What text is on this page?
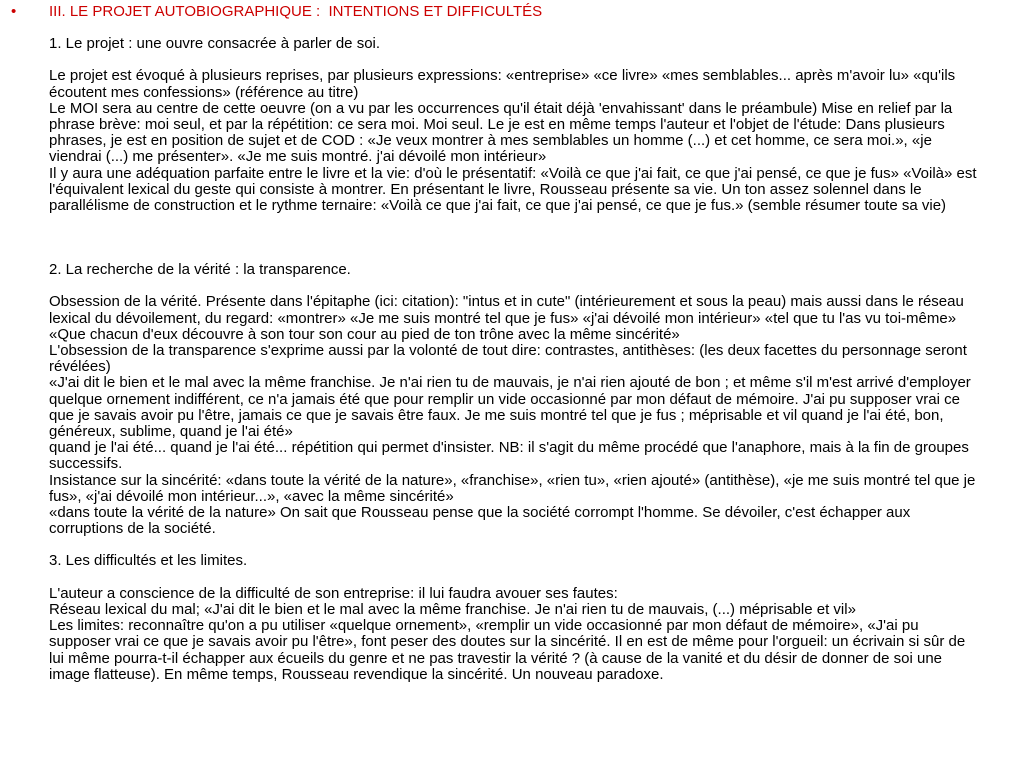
• III. LE PROJET AUTOBIOGRAPHIQUE :  INTENTIONS ET DIFFICULTÉS

1. Le projet : une ouvre consacrée à parler de soi.

Le projet est évoqué à plusieurs reprises, par plusieurs expressions: «entreprise» «ce livre» «mes semblables... après m'avoir lu» «qu'ils écoutent mes confessions» (référence au titre)

Le MOI sera au centre de cette oeuvre (on a vu par les occurrences qu'il était déjà 'envahissant' dans le préambule) Mise en relief par la phrase brève: moi seul, et par la répétition: ce sera moi. Moi seul. Le je est en même temps l'auteur et l'objet de l'étude: Dans plusieurs phrases, je est en position de sujet et de COD : «Je veux montrer à mes semblables un homme (...) et cet homme, ce sera moi.», «je viendrai (...) me présenter». «Je me suis montré. j'ai dévoilé mon intérieur»

Il y aura une adéquation parfaite entre le livre et la vie: d'où le présentatif: «Voilà ce que j'ai fait, ce que j'ai pensé, ce que je fus» «Voilà» est l'équivalent lexical du geste qui consiste à montrer. En présentant le livre, Rousseau présente sa vie. Un ton assez solennel dans le parallélisme de construction et le rythme ternaire: «Voilà ce que j'ai fait, ce que j'ai pensé, ce que je fus.» (semble résumer toute sa vie)

2. La recherche de la vérité : la transparence.

Obsession de la vérité. Présente dans l'épitaphe (ici: citation): "intus et in cute" (intérieurement et sous la peau) mais aussi dans le réseau lexical du dévoilement, du regard: «montrer» «Je me suis montré tel que je fus» «j'ai dévoilé mon intérieur» «tel que tu l'as vu toi-même» «Que chacun d'eux découvre à son tour son cour au pied de ton trône avec la même sincérité»

L'obsession de la transparence s'exprime aussi par la volonté de tout dire: contrastes, antithèses: (les deux facettes du personnage seront révélées)

«J'ai dit le bien et le mal avec la même franchise. Je n'ai rien tu de mauvais, je n'ai rien ajouté de bon ; et même s'il m'est arrivé d'employer quelque ornement indifférent, ce n'a jamais été que pour remplir un vide occasionné par mon défaut de mémoire. J'ai pu supposer vrai ce que je savais avoir pu l'être, jamais ce que je savais être faux. Je me suis montré tel que je fus ; méprisable et vil quand je l'ai été, bon, généreux, sublime, quand je l'ai été»

quand je l'ai été... quand je l'ai été... répétition qui permet d'insister. NB: il s'agit du même procédé que l'anaphore, mais à la fin de groupes successifs.

Insistance sur la sincérité: «dans toute la vérité de la nature», «franchise», «rien tu», «rien ajouté» (antithèse), «je me suis montré tel que je fus», «j'ai dévoilé mon intérieur...», «avec la même sincérité»

«dans toute la vérité de la nature» On sait que Rousseau pense que la société corrompt l'homme. Se dévoiler, c'est échapper aux corruptions de la société.

3. Les difficultés et les limites.

L'auteur a conscience de la difficulté de son entreprise: il lui faudra avouer ses fautes:

Réseau lexical du mal; «J'ai dit le bien et le mal avec la même franchise. Je n'ai rien tu de mauvais, (...) méprisable et vil»

Les limites: reconnaître qu'on a pu utiliser «quelque ornement», «remplir un vide occasionné par mon défaut de mémoire», «J'ai pu supposer vrai ce que je savais avoir pu l'être», font peser des doutes sur la sincérité. Il en est de même pour l'orgueil: un écrivain si sûr de lui même pourra-t-il échapper aux écueils du genre et ne pas travestir la vérité ? (à cause de la vanité et du désir de donner de soi une image flatteuse). En même temps, Rousseau revendique la sincérité. Un nouveau paradoxe.
